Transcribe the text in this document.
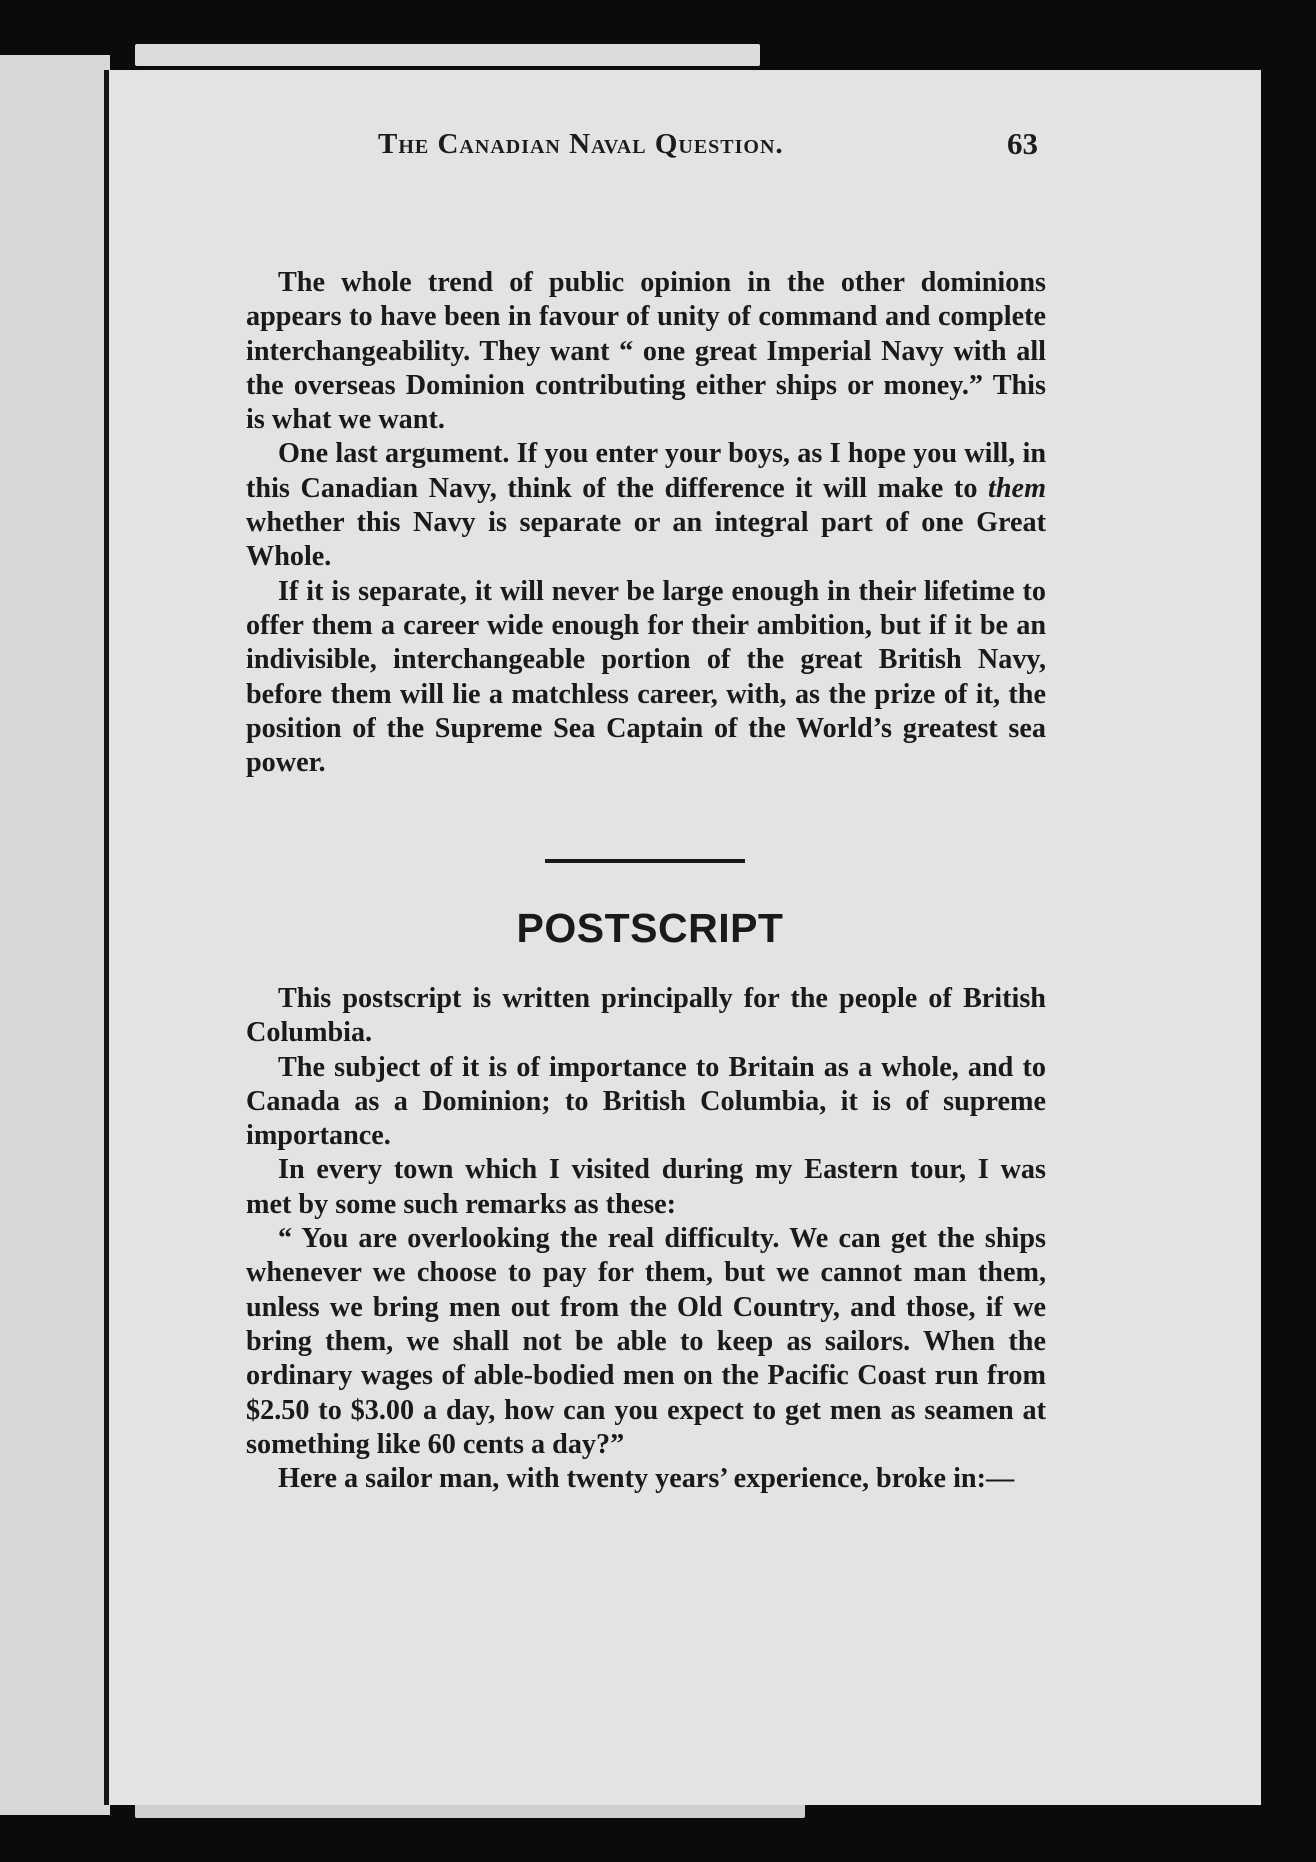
The Canadian Naval Question.	63

The whole trend of public opinion in the other dominions appears to have been in favour of unity of command and complete interchangeability. They want “ one great Imperial Navy with all the overseas Dominion contributing either ships or money.” This is what we want.

One last argument. If you enter your boys, as I hope you will, in this Canadian Navy, think of the difference it will make to them whether this Navy is separate or an integral part of one Great Whole.

If it is separate, it will never be large enough in their lifetime to offer them a career wide enough for their ambition, but if it be an indivisible, interchangeable portion of the great British Navy, before them will lie a matchless career, with, as the prize of it, the position of the Supreme Sea Captain of the World’s greatest sea power.

POSTSCRIPT

This postscript is written principally for the people of British Columbia.

The subject of it is of importance to Britain as a whole, and to Canada as a Dominion; to British Columbia, it is of supreme importance.

In every town which I visited during my Eastern tour, I was met by some such remarks as these:

“ You are overlooking the real difficulty. We can get the ships whenever we choose to pay for them, but we cannot man them, unless we bring men out from the Old Country, and those, if we bring them, we shall not be able to keep as sailors. When the ordinary wages of able-bodied men on the Pacific Coast run from $2.50 to $3.00 a day, how can you expect to get men as seamen at something like 60 cents a day?”

Here a sailor man, with twenty years’ experience, broke in:—
